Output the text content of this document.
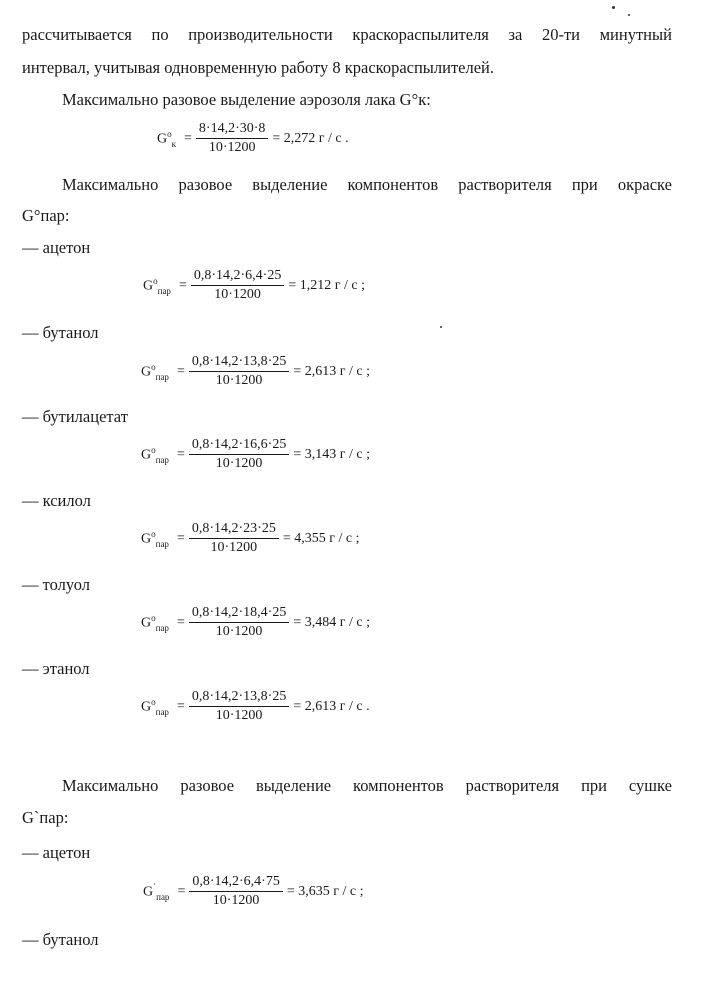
рассчитывается по производительности краскораспылителя за 20-ти минутный
интервал, учитывая одновременную работу 8 краскораспылителей.
Максимально разовое выделение аэрозоля лака G°к:
$G^о_к = \frac{8\cdot 14,2\cdot 30\cdot 8}{10\cdot 1200} = 2,272$ г / с .
Максимально разовое выделение компонентов растворителя при окраске
G°пар:
— ацетон
$G^о_{пар} = \frac{0,8\cdot 14,2\cdot 6,4\cdot 25}{10\cdot 1200} = 1,212$ г / с ;
— бутанол
$G^о_{пар} = \frac{0,8\cdot 14,2\cdot 13,8\cdot 25}{10\cdot 1200} = 2,613$ г / с ;
— бутилацетат
$G^о_{пар} = \frac{0,8\cdot 14,2\cdot 16,6\cdot 25}{10\cdot 1200} = 3,143$ г / с ;
— ксилол
$G^о_{пар} = \frac{0,8\cdot 14,2\cdot 23\cdot 25}{10\cdot 1200} = 4,355$ г / с ;
— толуол
$G^о_{пар} = \frac{0,8\cdot 14,2\cdot 18,4\cdot 25}{10\cdot 1200} = 3,484$ г / с ;
— этанол
$G^о_{пар} = \frac{0,8\cdot 14,2\cdot 13,8\cdot 25}{10\cdot 1200} = 2,613$ г / с .
Максимально разовое выделение компонентов растворителя при сушке
G`пар:
— ацетон
$G^`_{пар} = \frac{0,8\cdot 14,2\cdot 6,4\cdot 75}{10\cdot 1200} = 3,635$ г / с ;
— бутанол
